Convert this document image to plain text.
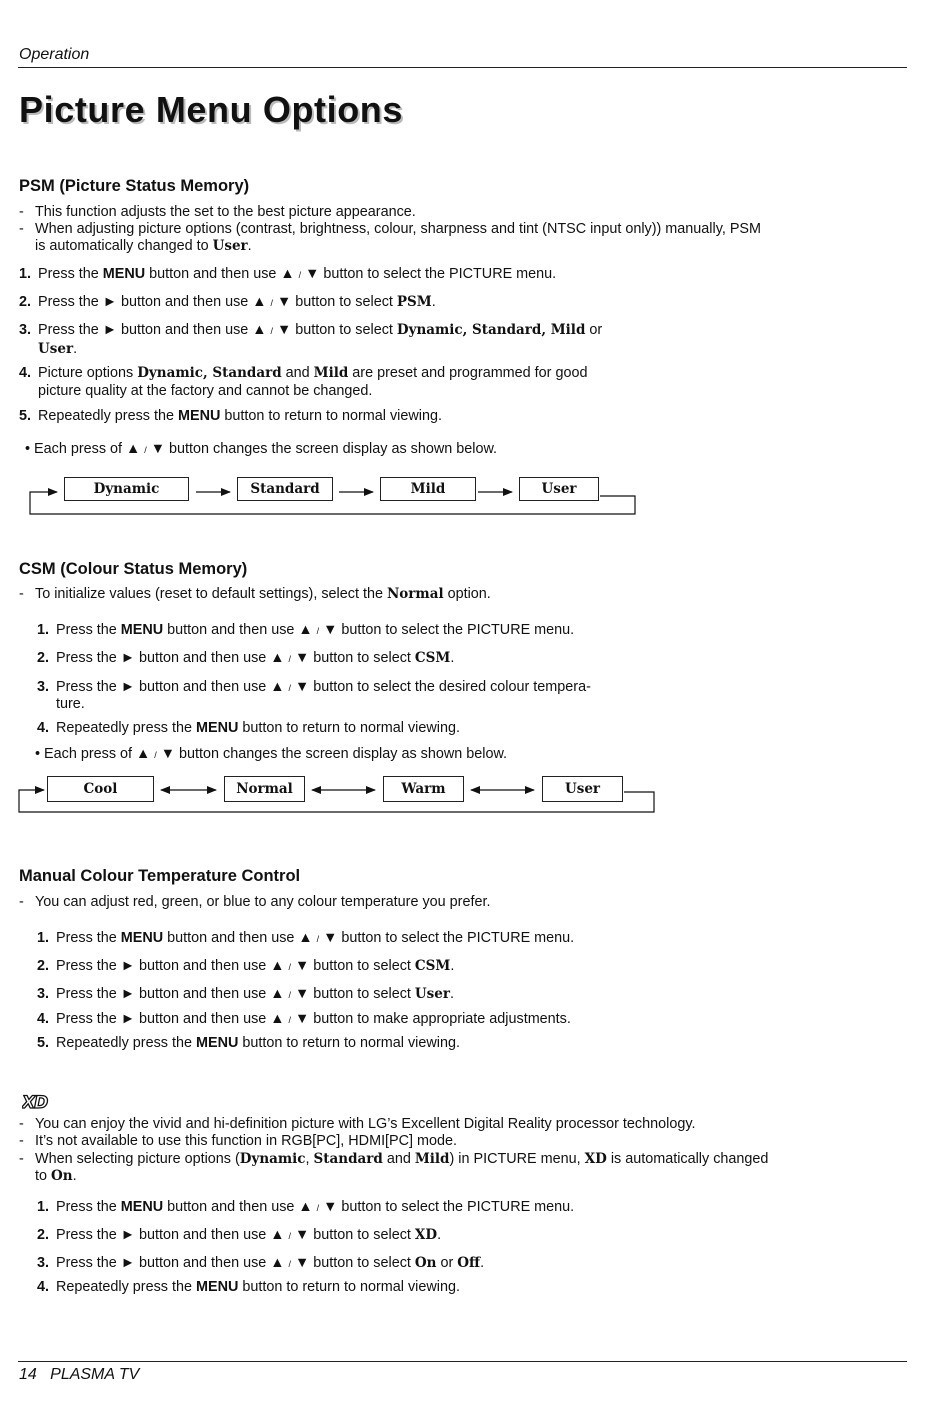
Operation
Picture Menu Options
PSM (Picture Status Memory)
- This function adjusts the set to the best picture appearance.
- When adjusting picture options (contrast, brightness, colour, sharpness and tint (NTSC input only)) manually, PSM
is automatically changed to User.
1. Press the MENU button and then use ▲ / ▼ button to select the PICTURE menu.
2. Press the ► button and then use ▲ / ▼ button to select PSM.
3. Press the ► button and then use ▲ / ▼ button to select Dynamic, Standard, Mild or
User.
4. Picture options Dynamic, Standard and Mild are preset and programmed for good
picture quality at the factory and cannot be changed.
5. Repeatedly press the MENU button to return to normal viewing.
• Each press of ▲ / ▼ button changes the screen display as shown below.
Dynamic	Standard	Mild	User
CSM (Colour Status Memory)
- To initialize values (reset to default settings), select the Normal option.
1. Press the MENU button and then use ▲ / ▼ button to select the PICTURE menu.
2. Press the ► button and then use ▲ / ▼ button to select CSM.
3. Press the ► button and then use ▲ / ▼ button to select the desired colour tempera-
ture.
4. Repeatedly press the MENU button to return to normal viewing.
• Each press of ▲ / ▼ button changes the screen display as shown below.
Cool	Normal	Warm	User
Manual Colour Temperature Control
- You can adjust red, green, or blue to any colour temperature you prefer.
1. Press the MENU button and then use ▲ / ▼ button to select the PICTURE menu.
2. Press the ► button and then use ▲ / ▼ button to select CSM.
3. Press the ► button and then use ▲ / ▼ button to select User.
4. Press the ► button and then use ▲ / ▼ button to make appropriate adjustments.
5. Repeatedly press the MENU button to return to normal viewing.
XD
- You can enjoy the vivid and hi-definition picture with LG’s Excellent Digital Reality processor technology.
- It’s not available to use this function in RGB[PC], HDMI[PC] mode.
- When selecting picture options (Dynamic, Standard and Mild) in PICTURE menu, XD is automatically changed
to On.
1. Press the MENU button and then use ▲ / ▼ button to select the PICTURE menu.
2. Press the ► button and then use ▲ / ▼ button to select XD.
3. Press the ► button and then use ▲ / ▼ button to select On or Off.
4. Repeatedly press the MENU button to return to normal viewing.
14 PLASMA TV
